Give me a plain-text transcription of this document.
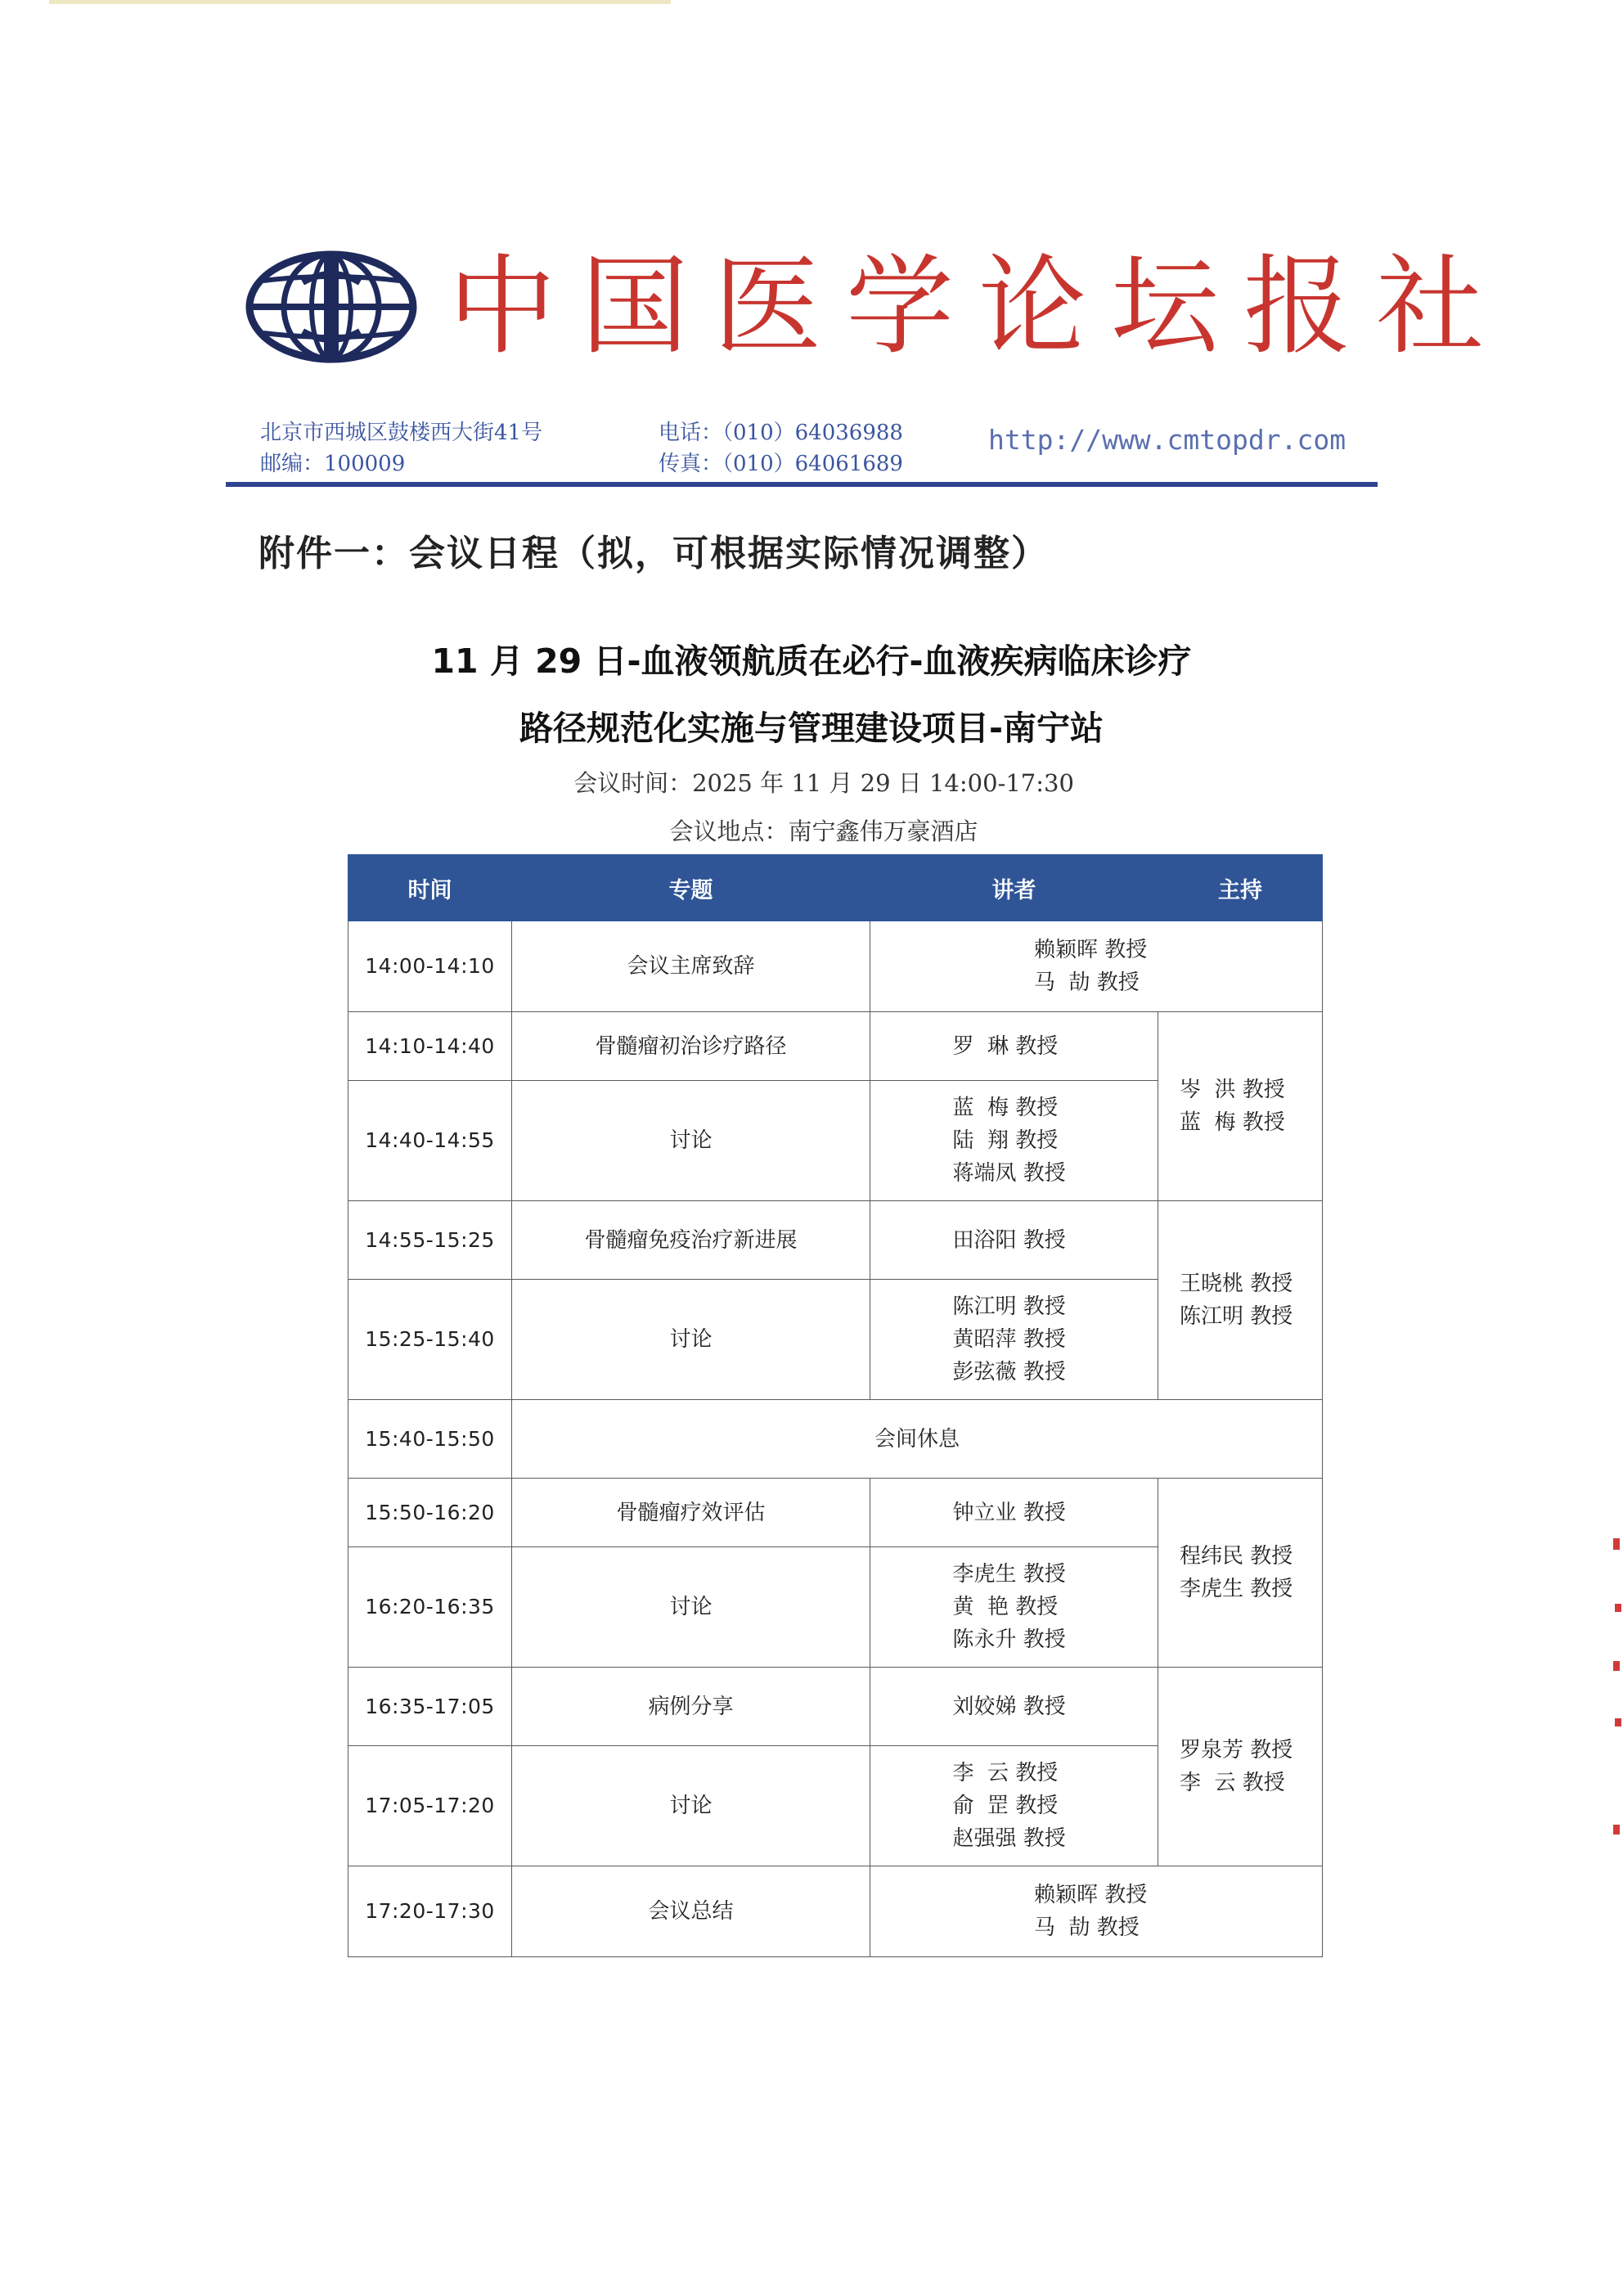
中国医学论坛报社
北京市西城区鼓楼西大街41号
邮编：100009
电话：（010）64036988
传真：（010）64061689
http://www.cmtopdr.com
附件一：会议日程（拟，可根据实际情况调整）
11 月 29 日-血液领航质在必行-血液疾病临床诊疗
路径规范化实施与管理建设项目-南宁站
会议时间：2025 年 11 月 29 日 14:00-17:30
会议地点：南宁鑫伟万豪酒店
时间	专题	讲者	主持
14:00-14:10	会议主席致辞	赖颖晖 教授
马  劼 教授	

14:10-14:40	骨髓瘤初治诊疗路径	罗  琳 教授	岑  洪 教授
蓝  梅 教授

14:40-14:55	讨论	蓝  梅 教授
陆  翔 教授
蒋端凤 教授	

14:55-15:25	骨髓瘤免疫治疗新进展	田浴阳 教授	王晓桃 教授
陈江明 教授

15:25-15:40	讨论	陈江明 教授
黄昭萍 教授
彭弦薇 教授	

15:40-15:50	会间休息		
15:50-16:20	骨髓瘤疗效评估	钟立业 教授	程纬民 教授
李虎生 教授

16:20-16:35	讨论	李虎生 教授
黄  艳 教授
陈永升 教授	

16:35-17:05	病例分享	刘姣娣 教授	罗泉芳 教授
李  云 教授

17:05-17:20	讨论	李  云 教授
俞  罡 教授
赵强强 教授	

17:20-17:30	会议总结	赖颖晖 教授
马  劼 教授	
